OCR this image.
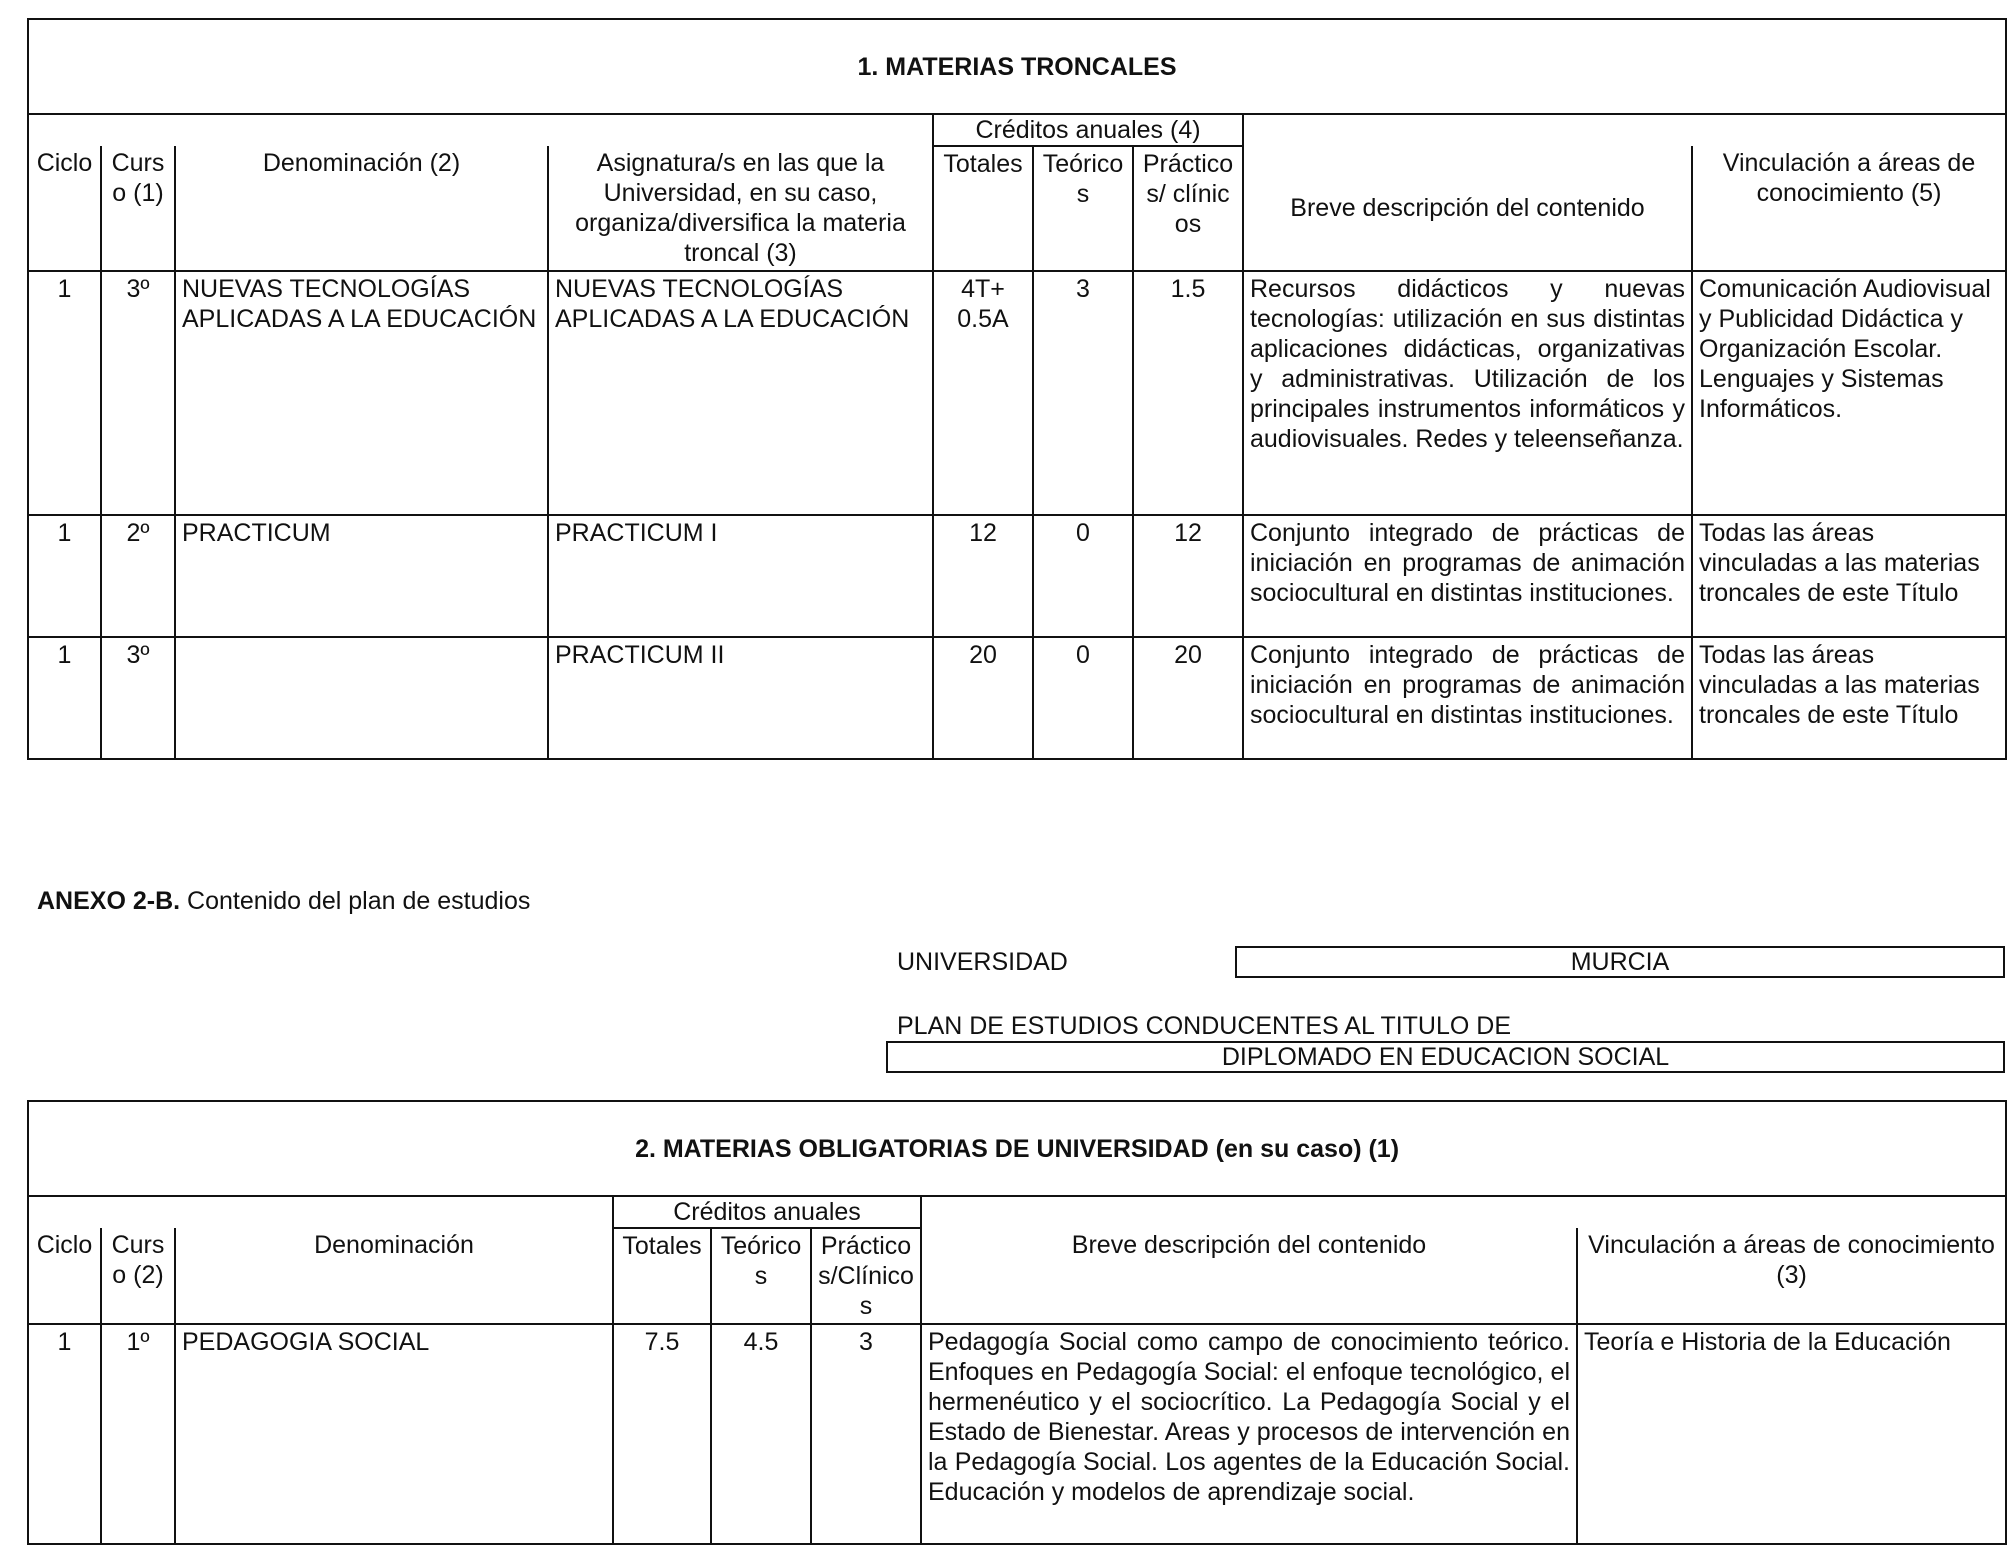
1. MATERIAS TRONCALES								
				Créditos anuales (4)				
Ciclo	Curso (1)	Denominación (2)	Asignatura/s en las que la Universidad, en su caso, organiza/diversifica la materia troncal (3)	Totales	Teóricos	Prácticos/ clínicos	Breve descripción del contenido	Vinculación a áreas de conocimiento (5)
1	3º	NUEVAS TECNOLOGÍAS APLICADAS A LA EDUCACIÓN	NUEVAS TECNOLOGÍAS APLICADAS A LA EDUCACIÓN	4T+ 0.5A	3	1.5	Recursos didácticos y nuevas tecnologías: utilización en sus distintas aplicaciones didácticas, organizativas y administrativas. Utilización de los principales instrumentos informáticos y audiovisuales. Redes y teleenseñanza.	Comunicación Audiovisual y Publicidad Didáctica y Organización Escolar. Lenguajes y Sistemas Informáticos.
1	2º	PRACTICUM	PRACTICUM I	12	0	12	Conjunto integrado de prácticas de iniciación en programas de animación sociocultural en distintas instituciones.	Todas las áreas vinculadas a las materias troncales de este Título
1	3º		PRACTICUM II	20	0	20	Conjunto integrado de prácticas de iniciación en programas de animación sociocultural en distintas instituciones.	Todas las áreas vinculadas a las materias troncales de este Título
ANEXO 2-B. Contenido del plan de estudios
UNIVERSIDAD	MURCIA
PLAN DE ESTUDIOS CONDUCENTES AL TITULO DE
DIPLOMADO EN EDUCACION SOCIAL
2. MATERIAS OBLIGATORIAS DE UNIVERSIDAD (en su caso) (1)							
			Créditos anuales				
Ciclo	Curso (2)	Denominación	Totales	Teóricos	Prácticos/Clínicos	Breve descripción del contenido	Vinculación a áreas de conocimiento (3)
1	1º	PEDAGOGIA SOCIAL	7.5	4.5	3	Pedagogía Social como campo de conocimiento teórico. Enfoques en Pedagogía Social: el enfoque tecnológico, el hermenéutico y el sociocrítico. La Pedagogía Social y el Estado de Bienestar. Areas y procesos de intervención en la Pedagogía Social. Los agentes de la Educación Social. Educación y modelos de aprendizaje social.	Teoría e Historia de la Educación
